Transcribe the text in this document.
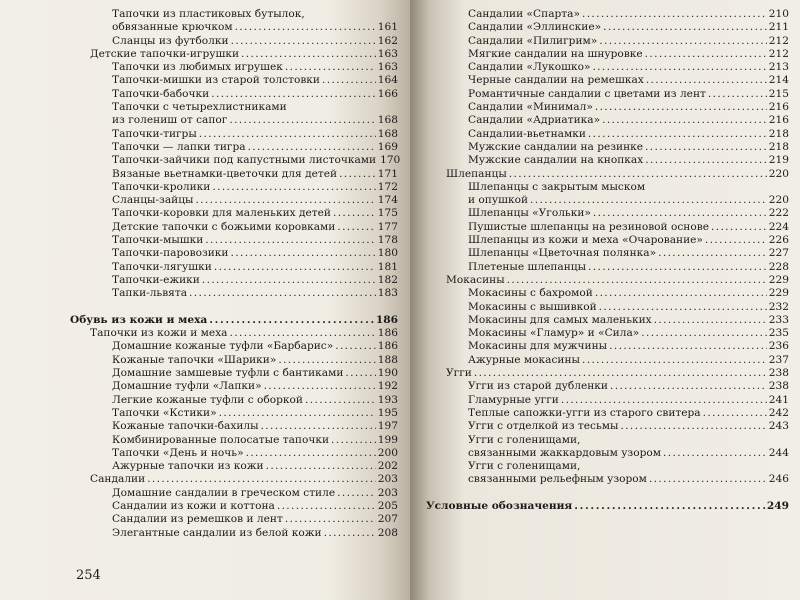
Тапочки из пластиковых бутылок,
обвязанные крючком . . .	161
Сланцы из футболки . . .	162
Детские тапочки-игрушки . . .	163
Тапочки из любимых игрушек . . .	163
Тапочки-мишки из старой толстовки . . .	164
Тапочки-бабочки . . .	166
Тапочки с четырехлистниками
из голениш от сапог . . .	168
Тапочки-тигры . . .	168
Тапочки — лапки тигра . . .	169
Тапочки-зайчики под капустными листочками 170
Вязаные вьетнамки-цветочки для детей . . .	171
Тапочки-кролики . . .	172
Сланцы-зайцы . . .	174
Тапочки-коровки для маленьких детей . . .	175
Детские тапочки с божьими коровками . . .	177
Тапочки-мышки . . .	178
Тапочки-паровозики . . .	180
Тапочки-лягушки . . .	181
Тапочки-ежики . . .	182
Тапки-львята . . .	183
Обувь из кожи и меха . . .	186
Тапочки из кожи и меха . . .	186
Домашние кожаные туфли «Барбарис» . . .	186
Кожаные тапочки «Шарики» . . .	188
Домашние замшевые туфли с бантиками . . .	190
Домашние туфли «Лапки» . . .	192
Легкие кожаные туфли с оборкой . . .	193
Тапочки «Кстики» . . .	195
Кожаные тапочки-бахилы . . .	197
Комбинированные полосатые тапочки . . .	199
Тапочки «День и ночь» . . .	200
Ажурные тапочки из кожи . . .	202
Сандалии . . .	203
Домашние сандалии в греческом стиле . . .	203
Сандалии из кожи и коттона . . .	205
Сандалии из ремешков и лент . . .	207
Элегантные сандалии из белой кожи . . .	208
254
Сандалии «Спарта» . . .	210
Сандалии «Эллинские» . . .	211
Сандалии «Пилигрим» . . .	212
Мягкие сандалии на шнуровке . . .	212
Сандалии «Лукошко» . . .	213
Черные сандалии на ремешках . . .	214
Романтичные сандалии с цветами из лент . . .	215
Сандалии «Минимал» . . .	216
Сандалии «Адриатика» . . .	216
Сандалии-вьетнамки . . .	218
Мужские сандалии на резинке . . .	218
Мужские сандалии на кнопках . . .	219
Шлепанцы . . .	220
Шлепанцы с закрытым мыском
и опушкой . . .	220
Шлепанцы «Угольки» . . .	222
Пушистые шлепанцы на резиновой основе . . .	224
Шлепанцы из кожи и меха «Очарование» . . .	226
Шлепанцы «Цветочная полянка» . . .	227
Плетеные шлепанцы . . .	228
Мокасины . . .	229
Мокасины с бахромой . . .	229
Мокасины с вышивкой . . .	232
Мокасины для самых маленьких . . .	233
Мокасины «Гламур» и «Сила» . . .	235
Мокасины для мужчины . . .	236
Ажурные мокасины . . .	237
Угги . . .	238
Угги из старой дубленки . . .	238
Гламурные угги . . .	241
Теплые сапожки-угги из старого свитера . . .	242
Угги с отделкой из тесьмы . . .	243
Угги с голенищами,
связанными жаккардовым узором . . .	244
Угги с голенищами,
связанными рельефным узором . . .	246
Условные обозначения . . .	249
